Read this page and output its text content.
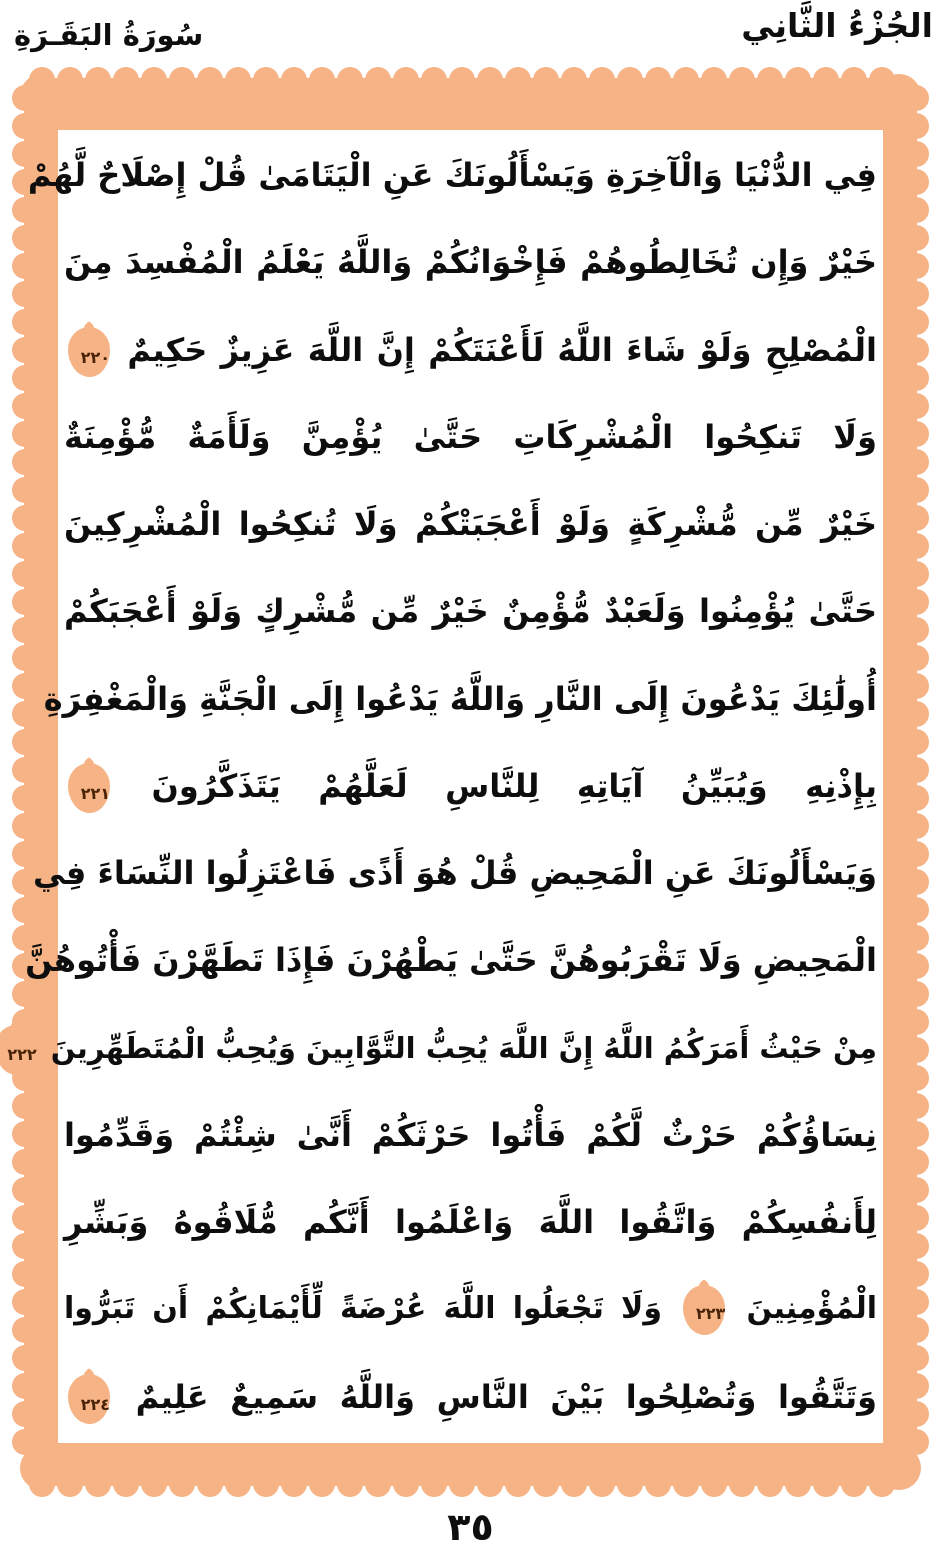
الجُزْءُ الثَّانِي
سُورَةُ البَقَـرَةِ
فِي الدُّنْيَا وَالْآخِرَةِ وَيَسْأَلُونَكَ عَنِ الْيَتَامَىٰ قُلْ إِصْلَاحٌ لَّهُمْ
خَيْرٌ وَإِن تُخَالِطُوهُمْ فَإِخْوَانُكُمْ وَاللَّهُ يَعْلَمُ الْمُفْسِدَ مِنَ
الْمُصْلِحِ وَلَوْ شَاءَ اللَّهُ لَأَعْنَتَكُمْ إِنَّ اللَّهَ عَزِيزٌ حَكِيمٌ ٢٢٠
وَلَا تَنكِحُوا الْمُشْرِكَاتِ حَتَّىٰ يُؤْمِنَّ وَلَأَمَةٌ مُّؤْمِنَةٌ
خَيْرٌ مِّن مُّشْرِكَةٍ وَلَوْ أَعْجَبَتْكُمْ وَلَا تُنكِحُوا الْمُشْرِكِينَ
حَتَّىٰ يُؤْمِنُوا وَلَعَبْدٌ مُّؤْمِنٌ خَيْرٌ مِّن مُّشْرِكٍ وَلَوْ أَعْجَبَكُمْ
أُولَٰئِكَ يَدْعُونَ إِلَى النَّارِ وَاللَّهُ يَدْعُوا إِلَى الْجَنَّةِ وَالْمَغْفِرَةِ
بِإِذْنِهِ وَيُبَيِّنُ آيَاتِهِ لِلنَّاسِ لَعَلَّهُمْ يَتَذَكَّرُونَ ٢٢١
وَيَسْأَلُونَكَ عَنِ الْمَحِيضِ قُلْ هُوَ أَذًى فَاعْتَزِلُوا النِّسَاءَ فِي
الْمَحِيضِ وَلَا تَقْرَبُوهُنَّ حَتَّىٰ يَطْهُرْنَ فَإِذَا تَطَهَّرْنَ فَأْتُوهُنَّ
مِنْ حَيْثُ أَمَرَكُمُ اللَّهُ إِنَّ اللَّهَ يُحِبُّ التَّوَّابِينَ وَيُحِبُّ الْمُتَطَهِّرِينَ ٢٢٢
نِسَاؤُكُمْ حَرْثٌ لَّكُمْ فَأْتُوا حَرْثَكُمْ أَنَّىٰ شِئْتُمْ وَقَدِّمُوا
لِأَنفُسِكُمْ وَاتَّقُوا اللَّهَ وَاعْلَمُوا أَنَّكُم مُّلَاقُوهُ وَبَشِّرِ
الْمُؤْمِنِينَ ٢٢٣ وَلَا تَجْعَلُوا اللَّهَ عُرْضَةً لِّأَيْمَانِكُمْ أَن تَبَرُّوا
وَتَتَّقُوا وَتُصْلِحُوا بَيْنَ النَّاسِ وَاللَّهُ سَمِيعٌ عَلِيمٌ ٢٢٤
٣٥
